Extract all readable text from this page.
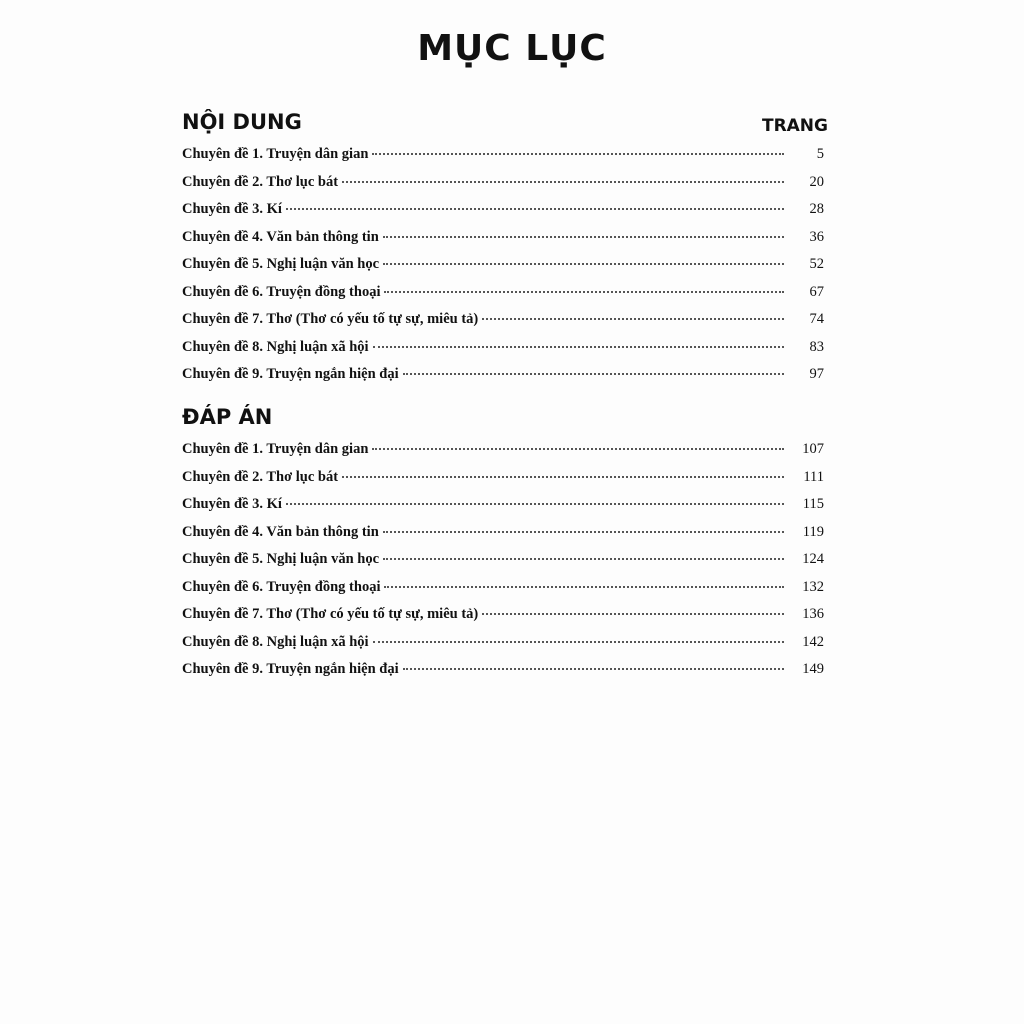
MỤC LỤC
NỘI DUNG	TRANG
Chuyên đề 1. Truyện dân gian	5
Chuyên đề 2. Thơ lục bát	20
Chuyên đề 3. Kí	28
Chuyên đề 4. Văn bản thông tin	36
Chuyên đề 5. Nghị luận văn học	52
Chuyên đề 6. Truyện đồng thoại	67
Chuyên đề 7. Thơ (Thơ có yếu tố tự sự, miêu tả)	74
Chuyên đề 8. Nghị luận xã hội	83
Chuyên đề 9. Truyện ngắn hiện đại	97
ĐÁP ÁN
Chuyên đề 1. Truyện dân gian	107
Chuyên đề 2. Thơ lục bát	111
Chuyên đề 3. Kí	115
Chuyên đề 4. Văn bản thông tin	119
Chuyên đề 5. Nghị luận văn học	124
Chuyên đề 6. Truyện đồng thoại	132
Chuyên đề 7. Thơ (Thơ có yếu tố tự sự, miêu tả)	136
Chuyên đề 8. Nghị luận xã hội	142
Chuyên đề 9. Truyện ngắn hiện đại	149
